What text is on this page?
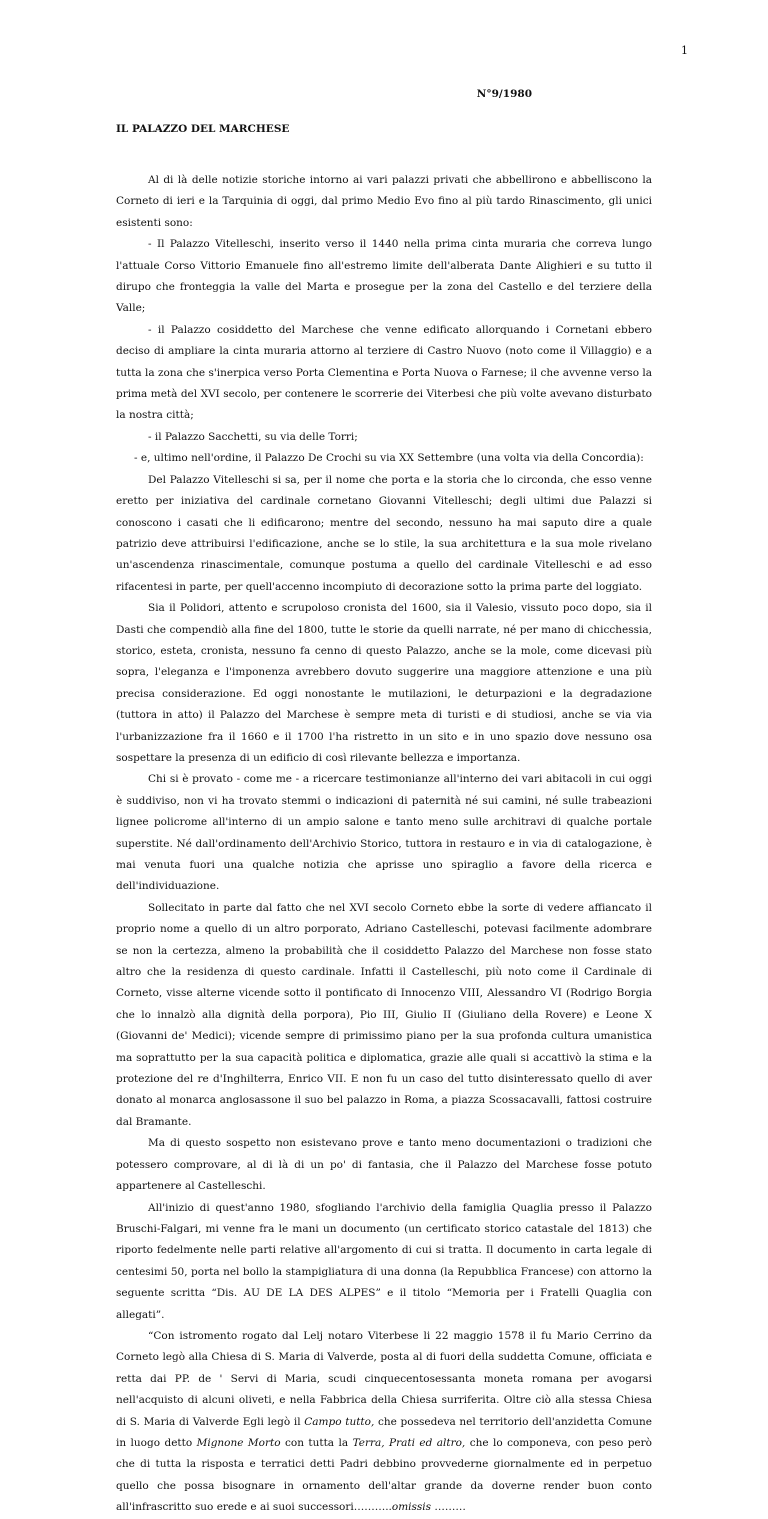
1
N°9/1980
IL PALAZZO DEL MARCHESE

Al di là delle notizie storiche intorno ai vari palazzi privati che abbellirono e abbelliscono la Corneto di ieri e la Tarquinia di oggi, dal primo Medio Evo fino al più tardo Rinascimento, gli unici esistenti sono:

- Il Palazzo Vitelleschi, inserito verso il 1440 nella prima cinta muraria che correva lungo l'attuale Corso Vittorio Emanuele fino all'estremo limite dell'alberata Dante Alighieri e su tutto il dirupo che fronteggia la valle del Marta e prosegue per la zona del Castello e del terziere della Valle;

- il Palazzo cosiddetto del Marchese che venne edificato allorquando i Cornetani ebbero deciso di ampliare la cinta muraria attorno al terziere di Castro Nuovo (noto come il Villaggio) e a tutta la zona che s'inerpica verso Porta Clementina e Porta Nuova o Farnese; il che avvenne verso la prima metà del XVI secolo, per contenere le scorrerie dei Viterbesi che più volte avevano disturbato la nostra città;

- il Palazzo Sacchetti, su via delle Torri;

- e, ultimo nell'ordine, il Palazzo De Crochi su via XX Settembre (una volta via della Concordia):

Del Palazzo Vitelleschi si sa, per il nome che porta e la storia che lo circonda, che esso venne eretto per iniziativa del cardinale cornetano Giovanni Vitelleschi; degli ultimi due Palazzi si conoscono i casati che li edificarono; mentre del secondo, nessuno ha mai saputo dire a quale patrizio deve attribuirsi l'edificazione, anche se lo stile, la sua architettura e la sua mole rivelano un'ascendenza rinascimentale, comunque postuma a quello del cardinale Vitelleschi e ad esso rifacentesi in parte, per quell'accenno incompiuto di decorazione sotto la prima parte del loggiato.

Sia il Polidori, attento e scrupoloso cronista del 1600, sia il Valesio, vissuto poco dopo, sia il Dasti che compendiò alla fine del 1800, tutte le storie da quelli narrate, né per mano di chicchessia, storico, esteta, cronista, nessuno fa cenno di questo Palazzo, anche se la mole, come dicevasi più sopra, l'eleganza e l'imponenza avrebbero dovuto suggerire una maggiore attenzione e una più precisa considerazione. Ed oggi nonostante le mutilazioni, le deturpazioni e la degradazione (tuttora in atto) il Palazzo del Marchese è sempre meta di turisti e di studiosi, anche se via via l'urbanizzazione fra il 1660 e il 1700 l'ha ristretto in un sito e in uno spazio dove nessuno osa sospettare la presenza di un edificio di così rilevante bellezza e importanza.

Chi si è provato - come me - a ricercare testimonianze all'interno dei vari abitacoli in cui oggi è suddiviso, non vi ha trovato stemmi o indicazioni di paternità né sui camini, né sulle trabeazioni lignee policrome all'interno di un ampio salone e tanto meno sulle architravi di qualche portale superstite. Né dall'ordinamento dell'Archivio Storico, tuttora in restauro e in via di catalogazione, è mai venuta fuori una qualche notizia che aprisse uno spiraglio a favore della ricerca e dell'individuazione.

Sollecitato in parte dal fatto che nel XVI secolo Corneto ebbe la sorte di vedere affiancato il proprio nome a quello di un altro porporato, Adriano Castelleschi, potevasi facilmente adombrare se non la certezza, almeno la probabilità che il cosiddetto Palazzo del Marchese non fosse stato altro che la residenza di questo cardinale. Infatti il Castelleschi, più noto come il Cardinale di Corneto, visse alterne vicende sotto il pontificato di Innocenzo VIII, Alessandro VI (Rodrigo Borgia che lo innalzò alla dignità della porpora), Pio III, Giulio II (Giuliano della Rovere) e Leone X (Giovanni de' Medici); vicende sempre di primissimo piano per la sua profonda cultura umanistica ma soprattutto per la sua capacità politica e diplomatica, grazie alle quali si accattivò la stima e la protezione del re d'Inghilterra, Enrico VII. E non fu un caso del tutto disinteressato quello di aver donato al monarca anglosassone il suo bel palazzo in Roma, a piazza Scossacavalli, fattosi costruire dal Bramante.

Ma di questo sospetto non esistevano prove e tanto meno documentazioni o tradizioni che potessero comprovare, al di là di un po' di fantasia, che il Palazzo del Marchese fosse potuto appartenere al Castelleschi.

All'inizio di quest'anno 1980, sfogliando l'archivio della famiglia Quaglia presso il Palazzo Bruschi-Falgari, mi venne fra le mani un documento (un certificato storico catastale del 1813) che riporto fedelmente nelle parti relative all'argomento di cui si tratta. Il documento in carta legale di centesimi 50, porta nel bollo la stampigliatura di una donna (la Repubblica Francese) con attorno la seguente scritta “Dis. AU DE LA DES ALPES” e il titolo “Memoria per i Fratelli Quaglia con allegati”.

“Con istromento rogato dal Lelj notaro Viterbese li 22 maggio 1578 il fu Mario Cerrino da Corneto legò alla Chiesa di S. Maria di Valverde, posta al di fuori della suddetta Comune, officiata e retta dai PP. de ' Servi di Maria, scudi cinquecentosessanta moneta romana per avogarsi nell'acquisto di alcuni oliveti, e nella Fabbrica della Chiesa surriferita. Oltre ciò alla stessa Chiesa di S. Maria di Valverde Egli legò il Campo tutto, che possedeva nel territorio dell'anzidetta Comune in luogo detto Mignone Morto con tutta la Terra, Prati ed altro, che lo componeva, con peso però che di tutta la risposta e terratici detti Padri debbino provvederne giornalmente ed in perpetuo quello che possa bisognare in ornamento dell'altar grande da doverne render buon conto all'infrascritto suo erede e ai suoi successori………..omissis ………
